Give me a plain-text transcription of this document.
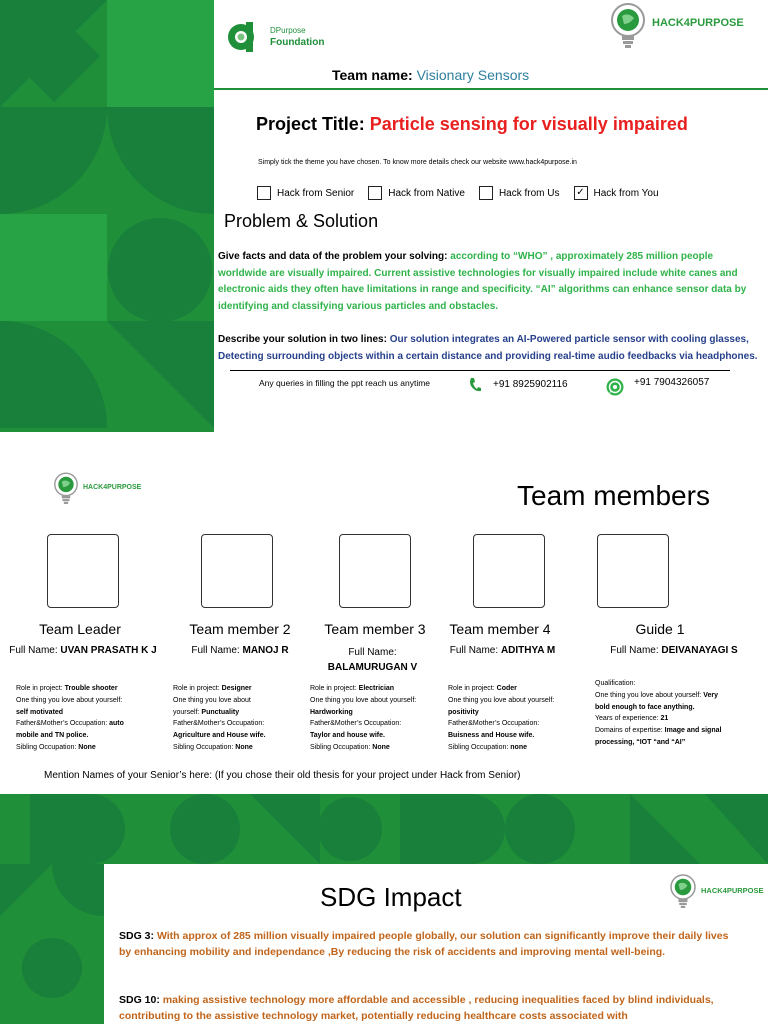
DPurpose
Foundation
HACK4PURPOSE
Team name: Visionary Sensors
Project Title: Particle sensing for visually impaired
Simply tick the theme you have chosen. To know more details check our website www.hack4purpose.in
Hack from Senior	Hack from Native	Hack from Us ✓ Hack from You
Problem & Solution
Give facts and data of the problem your solving: according to “WHO” , approximately 285 million people worldwide are visually impaired. Current assistive technologies for visually impaired include white canes and electronic aids they often have limitations in range and specificity. “AI” algorithms can enhance sensor data by identifying and classifying various particles and obstacles.
Describe your solution in two lines: Our solution integrates an AI-Powered particle sensor with cooling glasses, Detecting surrounding objects within a certain distance and providing real-time audio feedbacks via headphones.
Any queries in filling the ppt reach us anytime	+91 8925902116	+91 7904326057
HACK4PURPOSE	Team members
Team Leader
Full Name: UVAN PRASATH K J
Role in project: Trouble shooter
One thing you love about yourself:
self motivated
Father&Mother’s Occupation: auto
mobile and TN police.
Sibling Occupation: None
Team member 2
Full Name: MANOJ R
Role in project: Designer
One thing you love about
yourself: Punctuality
Father&Mother’s Occupation:
Agriculture and House wife.
Sibling Occupation: None
Team member 3
Full Name:
BALAMURUGAN V
Role in project: Electrician
One thing you love about yourself:
Hardworking
Father&Mother’s Occupation:
Taylor and house wife.
Sibling Occupation: None
Team member 4
Full Name: ADITHYA M
Role in project: Coder
One thing you love about yourself:
positivity
Father&Mother’s Occupation:
Buisness and House wife.
Sibling Occupation: none
Guide 1
Full Name: DEIVANAYAGI S
Qualification:
One thing you love about yourself: Very
bold enough to face anything.
Years of experience: 21
Domains of expertise: Image and signal
processing, “IOT “and “AI”
Mention Names of your Senior’s here: (If you chose their old thesis for your project under Hack from Senior)
SDG Impact	HACK4PURPOSE
SDG 3: With approx of 285 million visually impaired people globally, our solution can significantly improve their daily lives by enhancing mobility and independance ,By reducing the risk of accidents and improving mental well-being.
SDG 10: making assistive technology more affordable and accessible , reducing inequalities faced by blind individuals, contributing to the assistive technology market, potentially reducing healthcare costs associated with
